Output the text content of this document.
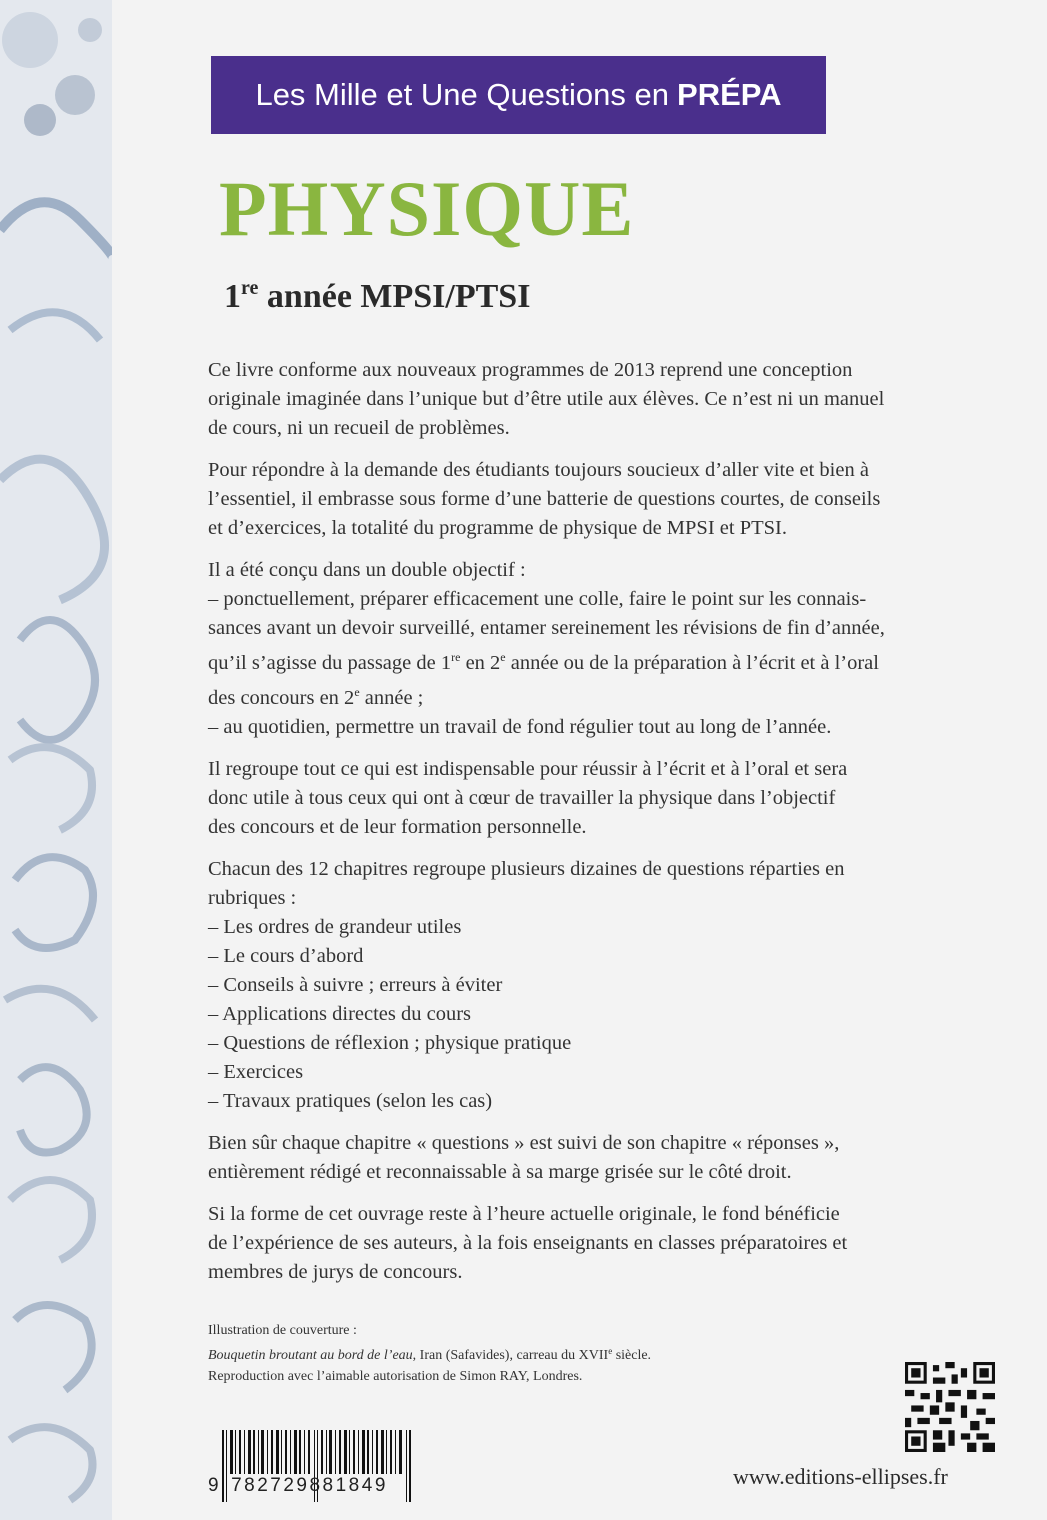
Les Mille et Une Questions en PRÉPA
PHYSIQUE
1re année MPSI/PTSI

Ce livre conforme aux nouveaux programmes de 2013 reprend une conception
originale imaginée dans l’unique but d’être utile aux élèves. Ce n’est ni un manuel
de cours, ni un recueil de problèmes.

Pour répondre à la demande des étudiants toujours soucieux d’aller vite et bien à
l’essentiel, il embrasse sous forme d’une batterie de questions courtes, de conseils
et d’exercices, la totalité du programme de physique de MPSI et PTSI.

Il a été conçu dans un double objectif :
– ponctuellement, préparer efficacement une colle, faire le point sur les connais-
sances avant un devoir surveillé, entamer sereinement les révisions de fin d’année,
qu’il s’agisse du passage de 1re en 2e année ou de la préparation à l’écrit et à l’oral
des concours en 2e année ;
– au quotidien, permettre un travail de fond régulier tout au long de l’année.

Il regroupe tout ce qui est indispensable pour réussir à l’écrit et à l’oral et sera
donc utile à tous ceux qui ont à cœur de travailler la physique dans l’objectif
des concours et de leur formation personnelle.

Chacun des 12 chapitres regroupe plusieurs dizaines de questions réparties en
rubriques :
– Les ordres de grandeur utiles
– Le cours d’abord
– Conseils à suivre ; erreurs à éviter
– Applications directes du cours
– Questions de réflexion ; physique pratique
– Exercices
– Travaux pratiques (selon les cas)

Bien sûr chaque chapitre « questions » est suivi de son chapitre « réponses »,
entièrement rédigé et reconnaissable à sa marge grisée sur le côté droit.

Si la forme de cet ouvrage reste à l’heure actuelle originale, le fond bénéficie
de l’expérience de ses auteurs, à la fois enseignants en classes préparatoires et
membres de jurys de concours.

Illustration de couverture :
Bouquetin broutant au bord de l’eau, Iran (Safavides), carreau du XVIIe siècle.
Reproduction avec l’aimable autorisation de Simon RAY, Londres.
9 782729881849	www.editions-ellipses.fr
